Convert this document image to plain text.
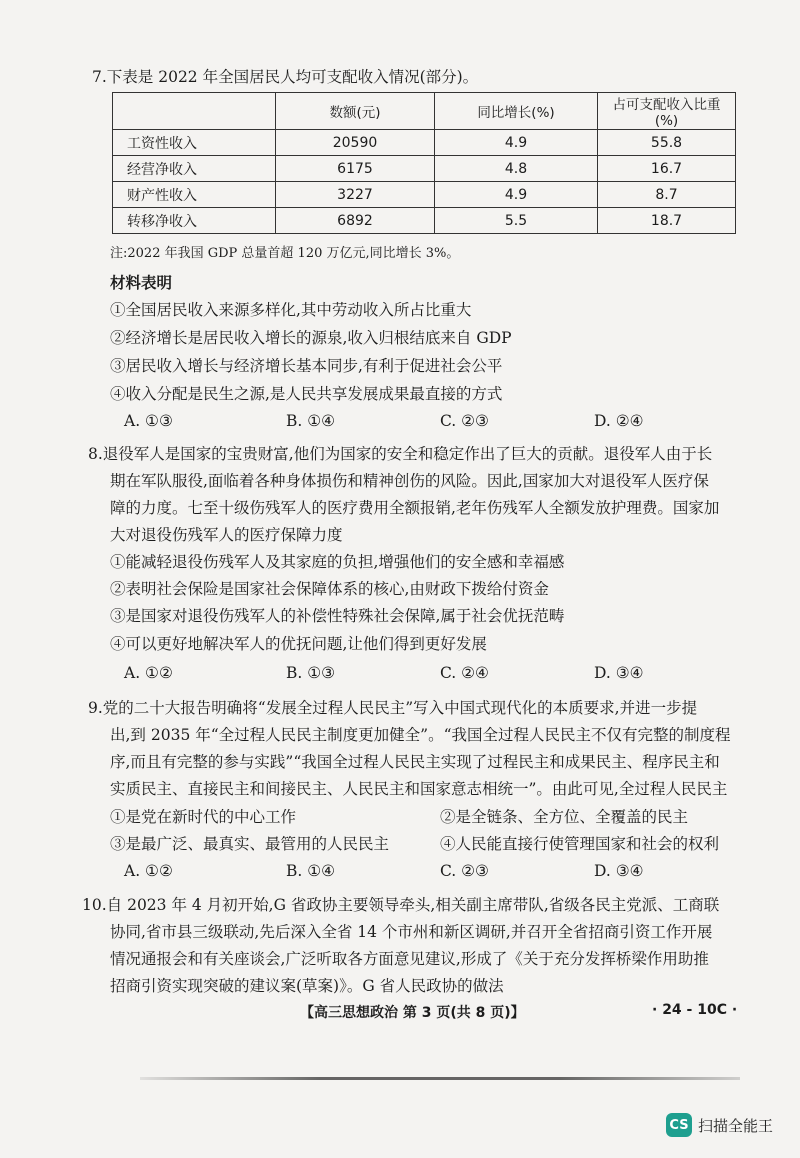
7.下表是 2022 年全国居民人均可支配收入情况(部分)。
	数额(元)	同比增长(%)	占可支配收入比重(%)
工资性收入	20590	4.9	55.8
经营净收入	6175	4.8	16.7
财产性收入	3227	4.9	8.7
转移净收入	6892	5.5	18.7
注:2022 年我国 GDP 总量首超 120 万亿元,同比增长 3%。
材料表明
①全国居民收入来源多样化,其中劳动收入所占比重大
②经济增长是居民收入增长的源泉,收入归根结底来自 GDP
③居民收入增长与经济增长基本同步,有利于促进社会公平
④收入分配是民生之源,是人民共享发展成果最直接的方式
A. ①③	B. ①④	C. ②③	D. ②④
8.退役军人是国家的宝贵财富,他们为国家的安全和稳定作出了巨大的贡献。退役军人由于长
期在军队服役,面临着各种身体损伤和精神创伤的风险。因此,国家加大对退役军人医疗保
障的力度。七至十级伤残军人的医疗费用全额报销,老年伤残军人全额发放护理费。国家加
大对退役伤残军人的医疗保障力度
①能减轻退役伤残军人及其家庭的负担,增强他们的安全感和幸福感
②表明社会保险是国家社会保障体系的核心,由财政下拨给付资金
③是国家对退役伤残军人的补偿性特殊社会保障,属于社会优抚范畴
④可以更好地解决军人的优抚问题,让他们得到更好发展
A. ①②	B. ①③	C. ②④	D. ③④
9.党的二十大报告明确将“发展全过程人民民主”写入中国式现代化的本质要求,并进一步提
出,到 2035 年“全过程人民民主制度更加健全”。“我国全过程人民民主不仅有完整的制度程
序,而且有完整的参与实践”“我国全过程人民民主实现了过程民主和成果民主、程序民主和
实质民主、直接民主和间接民主、人民民主和国家意志相统一”。由此可见,全过程人民民主
①是党在新时代的中心工作	②是全链条、全方位、全覆盖的民主
③是最广泛、最真实、最管用的人民民主	④人民能直接行使管理国家和社会的权利
A. ①②	B. ①④	C. ②③	D. ③④
10.自 2023 年 4 月初开始,G 省政协主要领导牵头,相关副主席带队,省级各民主党派、工商联
协同,省市县三级联动,先后深入全省 14 个市州和新区调研,并召开全省招商引资工作开展
情况通报会和有关座谈会,广泛听取各方面意见建议,形成了《关于充分发挥桥梁作用助推
招商引资实现突破的建议案(草案)》。G 省人民政协的做法
【高三思想政治 第 3 页(共 8 页)】	· 24 - 10C ·
CS 扫描全能王
